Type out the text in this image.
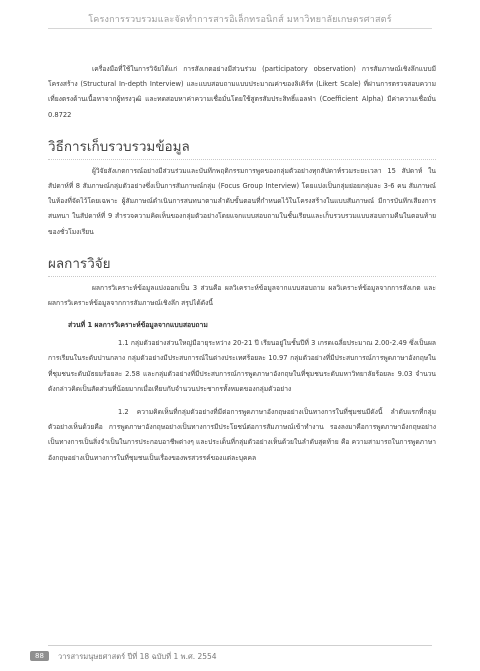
โครงการรวบรวมและจัดทำการสารอิเล็กทรอนิกส์ มหาวิทยาลัยเกษตรศาสตร์

เครื่องมือที่ใช้ในการวิจัยได้แก่ การสังเกตอย่างมีส่วนร่วม (participatory observation) การสัมภาษณ์เชิงลึกแบบมีโครงสร้าง (Structural In-depth Interview) และแบบสอบถามแบบประมาณค่าของลิเคิร์ท (Likert Scale) ที่ผ่านการตรวจสอบความเที่ยงตรงด้านเนื้อหาจากผู้ทรงวุฒิ และทดสอบหาค่าความเชื่อมั่นโดยใช้สูตรสัมประสิทธิ์แอลฟ่า (Coefficient Alpha) มีค่าความเชื่อมั่น 0.8722

วิธีการเก็บรวบรวมข้อมูล

ผู้วิจัยสังเกตการณ์อย่างมีส่วนร่วมและบันทึกพฤติกรรมการพูดของกลุ่มตัวอย่างทุกสัปดาห์รวมระยะเวลา 15 สัปดาห์ ในสัปดาห์ที่ 8 สัมภาษณ์กลุ่มตัวอย่างซึ่งเป็นการสัมภาษณ์กลุ่ม (Focus Group Interview) โดยแบ่งเป็นกลุ่มย่อยกลุ่มละ 3-6 คน สัมภาษณ์ในห้องที่จัดไว้โดยเฉพาะ ผู้สัมภาษณ์ดำเนินการสนทนาตามลำดับขั้นตอนที่กำหนดไว้ในโครงสร้างในแบบสัมภาษณ์ มีการบันทึกเสียงการสนทนา ในสัปดาห์ที่ 9 สำรวจความคิดเห็นของกลุ่มตัวอย่างโดยแจกแบบสอบถามในชั้นเรียนและเก็บรวบรวมแบบสอบถามคืนในตอนท้ายของชั่วโมงเรียน

ผลการวิจัย

ผลการวิเคราะห์ข้อมูลแบ่งออกเป็น 3 ส่วนคือ ผลวิเคราะห์ข้อมูลจากแบบสอบถาม ผลวิเคราะห์ข้อมูลจากการสังเกต และผลการวิเคราะห์ข้อมูลจากการสัมภาษณ์เชิงลึก สรุปได้ดังนี้

ส่วนที่ 1 ผลการวิเคราะห์ข้อมูลจากแบบสอบถาม

1.1 กลุ่มตัวอย่างส่วนใหญ่มีอายุระหว่าง 20-21 ปี เรียนอยู่ในชั้นปีที่ 3 เกรดเฉลี่ยประมาณ 2.00-2.49 ซึ่งเป็นผลการเรียนในระดับปานกลาง กลุ่มตัวอย่างมีประสบการณ์ในต่างประเทศร้อยละ 10.97 กลุ่มตัวอย่างที่มีประสบการณ์การพูดภาษาอังกฤษในที่ชุมชนระดับมัธยมร้อยละ 2.58 และกลุ่มตัวอย่างที่มีประสบการณ์การพูดภาษาอังกฤษในที่ชุมชนระดับมหาวิทยาลัยร้อยละ 9.03 จำนวนดังกล่าวคิดเป็นสัดส่วนที่น้อยมากเมื่อเทียบกับจำนวนประชากรทั้งหมดของกลุ่มตัวอย่าง

1.2 ความคิดเห็นที่กลุ่มตัวอย่างที่มีต่อการพูดภาษาอังกฤษอย่างเป็นทางการในที่ชุมชนมีดังนี้ ลำดับแรกที่กลุ่มตัวอย่างเห็นด้วยคือ การพูดภาษาอังกฤษอย่างเป็นทางการมีประโยชน์ต่อการสัมภาษณ์เข้าทำงาน รองลงมาคือการพูดภาษาอังกฤษอย่างเป็นทางการเป็นสิ่งจำเป็นในการประกอบอาชีพต่างๆ และประเด็นที่กลุ่มตัวอย่างเห็นด้วยในลำดับสุดท้าย คือ ความสามารถในการพูดภาษาอังกฤษอย่างเป็นทางการในที่ชุมชนเป็นเรื่องของพรสวรรค์ของแต่ละบุคคล

88	วารสารมนุษยศาสตร์ ปีที่ 18 ฉบับที่ 1 พ.ศ. 2554
